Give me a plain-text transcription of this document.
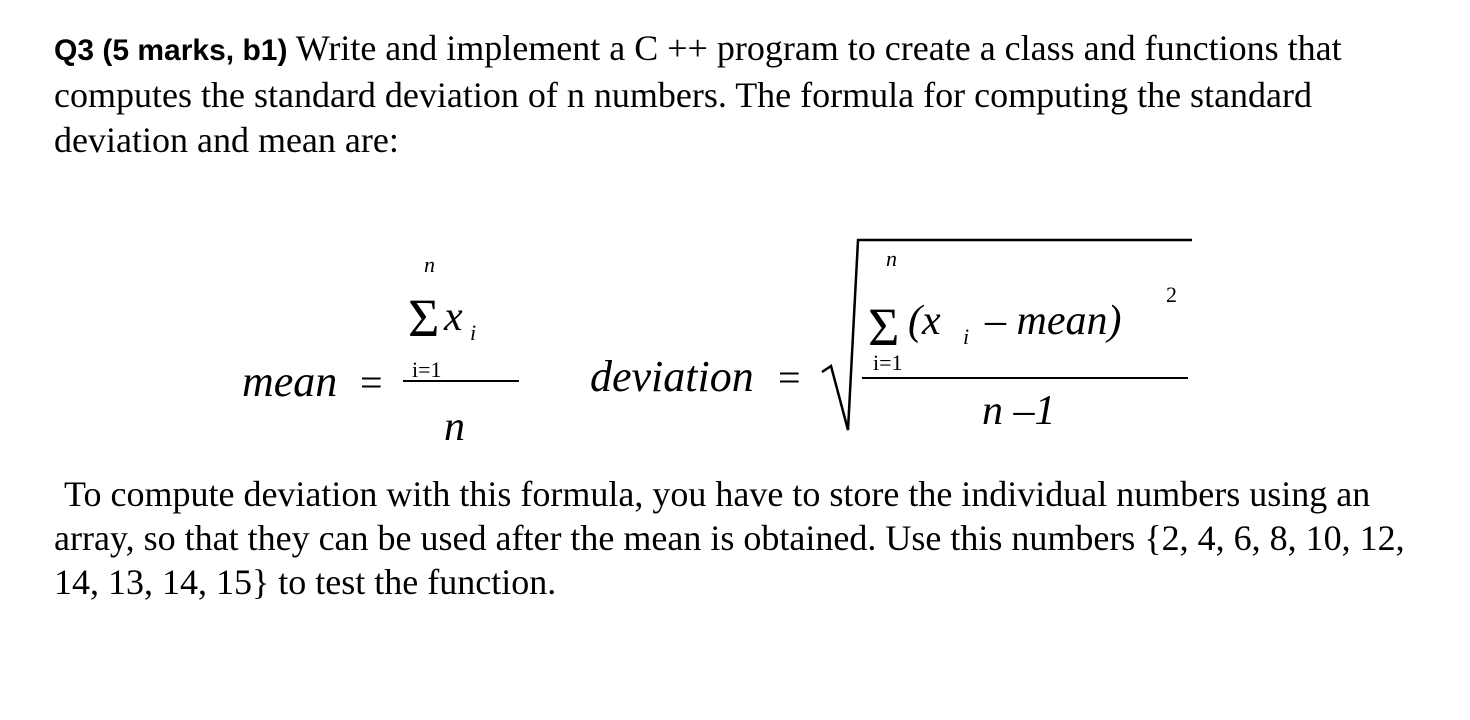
Q3 (5 marks, b1) Write and implement a C ++ program to create a class and functions that computes the standard deviation of n numbers. The formula for computing the standard deviation and mean are:
mean =
n
Σ x i
i=1
n
deviation =
n
Σ (x i – mean)
2
i=1
n –1
To compute deviation with this formula, you have to store the individual numbers using an array, so that they can be used after the mean is obtained. Use this numbers {2, 4, 6, 8, 10, 12, 14, 13, 14, 15} to test the function.
